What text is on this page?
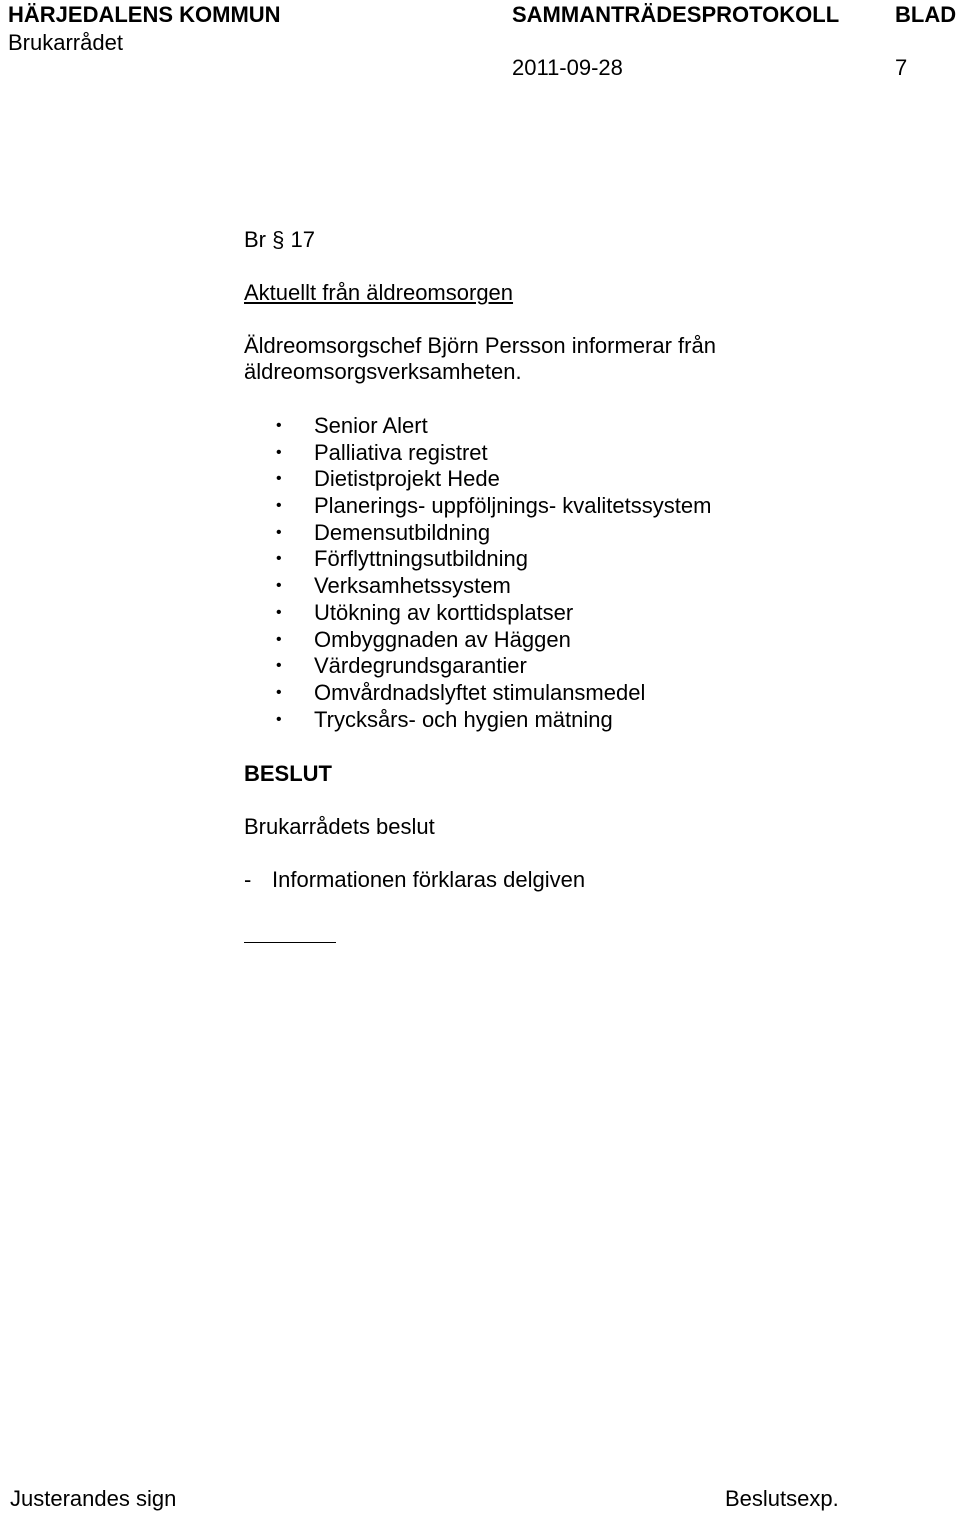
HÄRJEDALENS KOMMUN	SAMMANTRÄDESPROTOKOLL	BLAD
Brukarrådet
2011-09-28	7
Br § 17
Aktuellt från äldreomsorgen
Äldreomsorgschef Björn Persson informerar från äldreomsorgsverksamheten.
• Senior Alert
• Palliativa registret
• Dietistprojekt Hede
• Planerings- uppföljnings- kvalitetssystem
• Demensutbildning
• Förflyttningsutbildning
• Verksamhetssystem
• Utökning av korttidsplatser
• Ombyggnaden av Häggen
• Värdegrundsgarantier
• Omvårdnadslyftet stimulansmedel
• Trycksårs- och hygien mätning
BESLUT
Brukarrådets beslut
- Informationen förklaras delgiven
Justerandes sign	Beslutsexp.
